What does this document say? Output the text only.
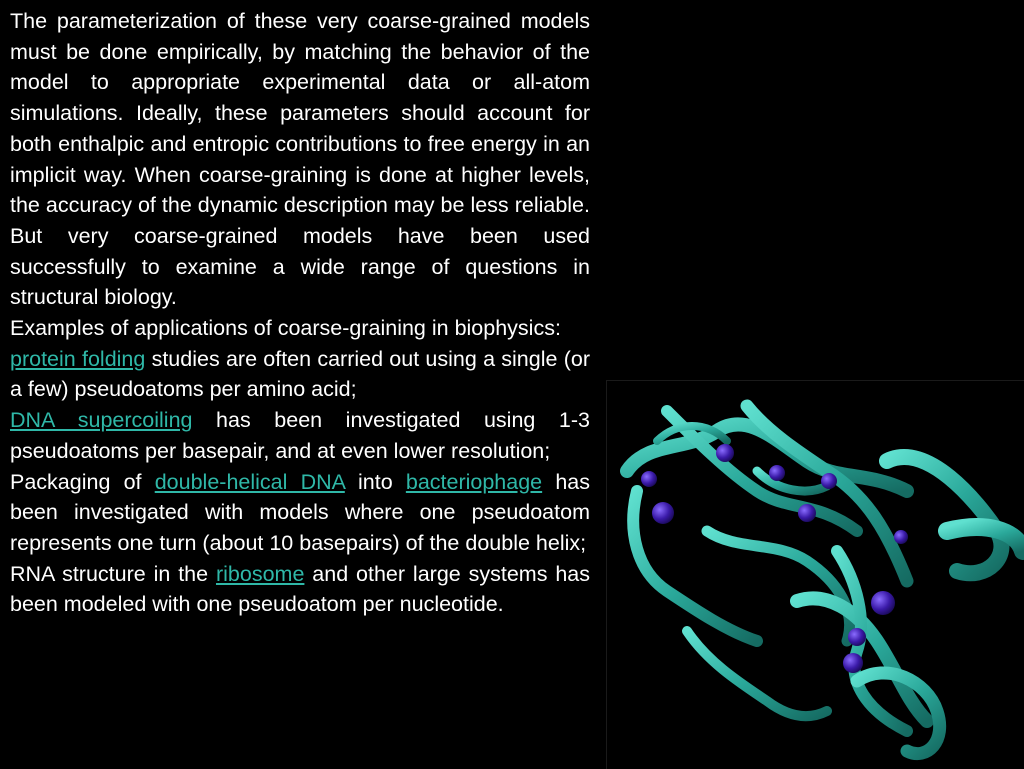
The parameterization of these very coarse-grained models must be done empirically, by matching the behavior of the model to appropriate experimental data or all-atom simulations. Ideally, these parameters should account for both enthalpic and entropic contributions to free energy in an implicit way. When coarse-graining is done at higher levels, the accuracy of the dynamic description may be less reliable. But very coarse-grained models have been used successfully to examine a wide range of questions in structural biology.

Examples of applications of coarse-graining in biophysics:

protein folding studies are often carried out using a single (or a few) pseudoatoms per amino acid;

DNA supercoiling has been investigated using 1-3 pseudoatoms per basepair, and at even lower resolution;

Packaging of double-helical DNA into bacteriophage has been investigated with models where one pseudoatom represents one turn (about 10 basepairs) of the double helix;

RNA structure in the ribosome and other large systems has been modeled with one pseudoatom per nucleotide.
